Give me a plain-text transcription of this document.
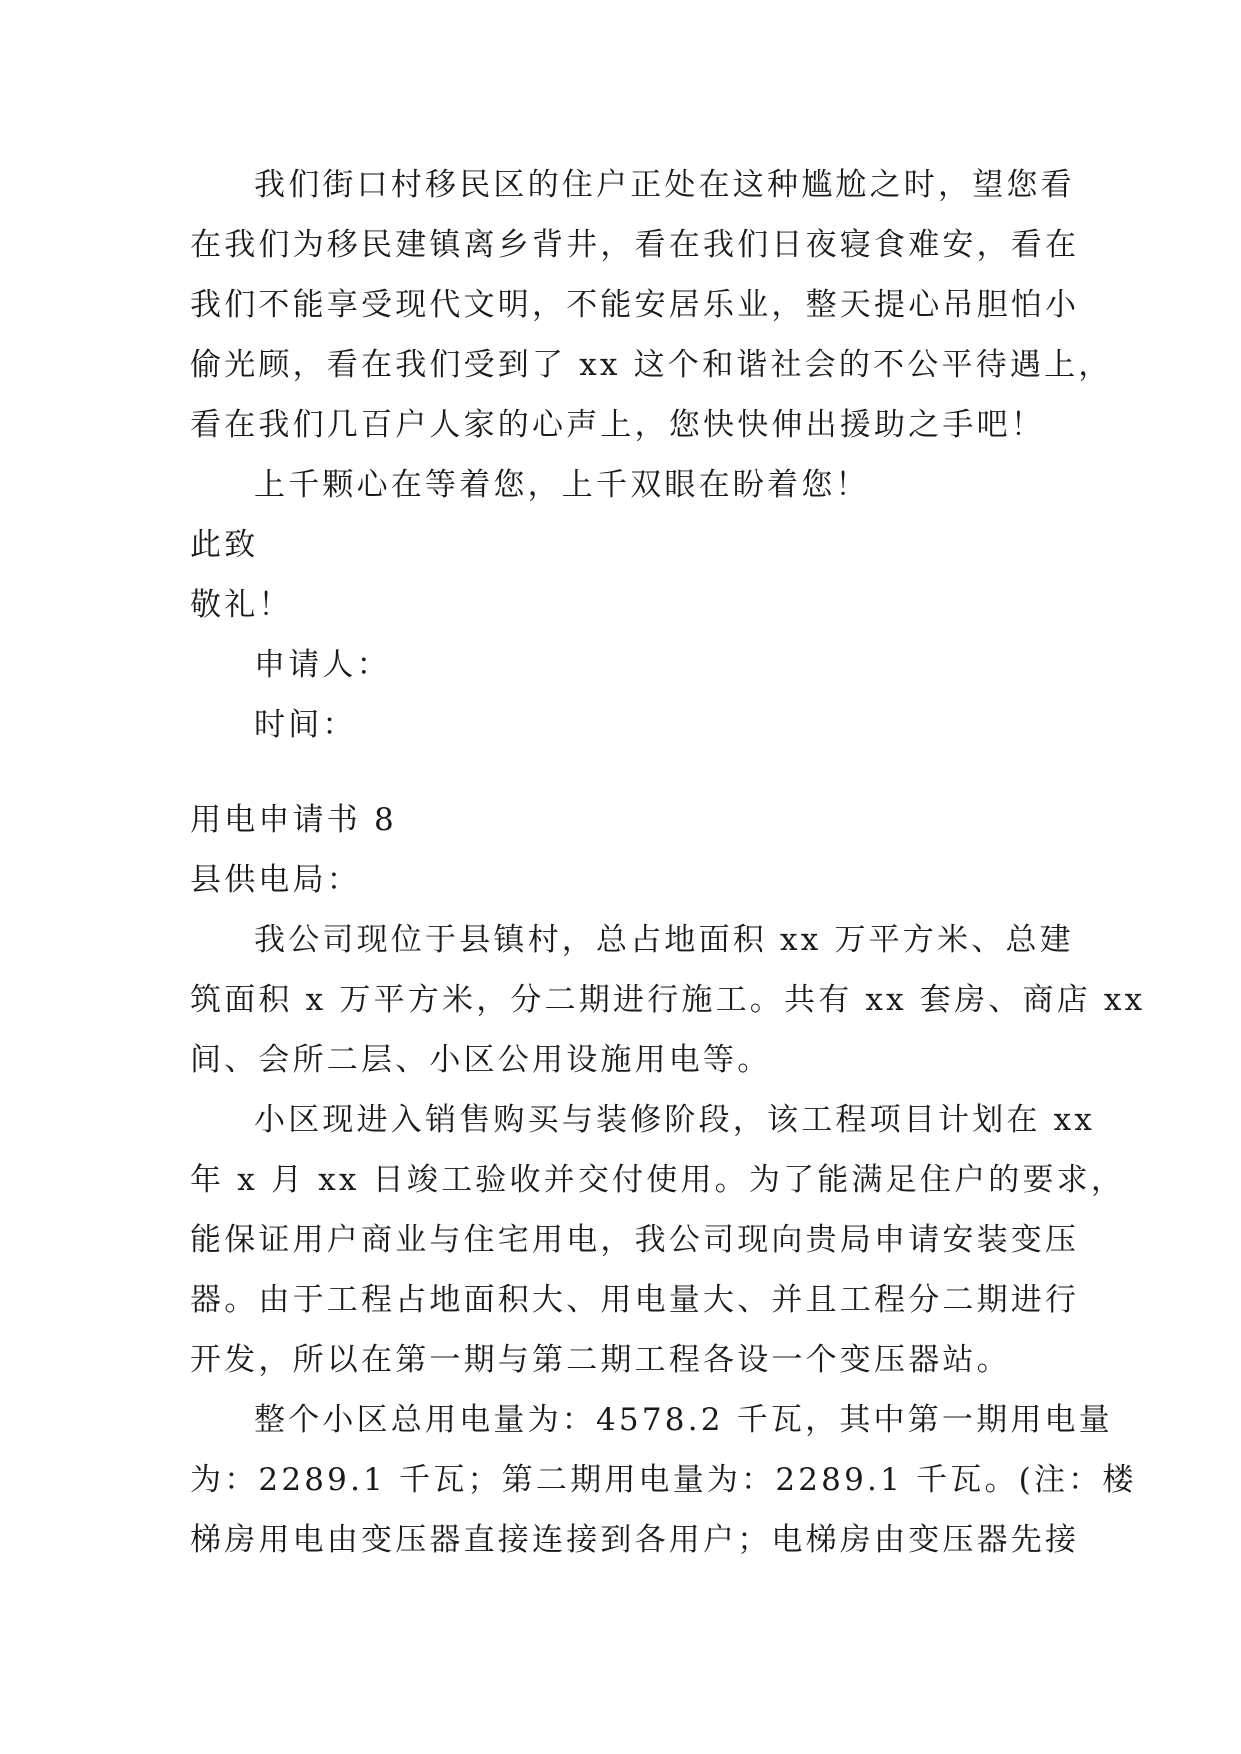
我们街口村移民区的住户正处在这种尴尬之时，望您看
在我们为移民建镇离乡背井，看在我们日夜寝食难安，看在
我们不能享受现代文明，不能安居乐业，整天提心吊胆怕小
偷光顾，看在我们受到了 xx 这个和谐社会的不公平待遇上，
看在我们几百户人家的心声上，您快快伸出援助之手吧！
上千颗心在等着您，上千双眼在盼着您！
此致
敬礼！
申请人：
时间：
用电申请书 8
县供电局：
我公司现位于县镇村，总占地面积 xx 万平方米、总建
筑面积 x 万平方米，分二期进行施工。共有 xx 套房、商店 xx
间、会所二层、小区公用设施用电等。
小区现进入销售购买与装修阶段，该工程项目计划在 xx
年 x 月 xx 日竣工验收并交付使用。为了能满足住户的要求，
能保证用户商业与住宅用电，我公司现向贵局申请安装变压
器。由于工程占地面积大、用电量大、并且工程分二期进行
开发，所以在第一期与第二期工程各设一个变压器站。
整个小区总用电量为：4578.2 千瓦，其中第一期用电量
为：2289.1 千瓦；第二期用电量为：2289.1 千瓦。(注：楼
梯房用电由变压器直接连接到各用户；电梯房由变压器先接
